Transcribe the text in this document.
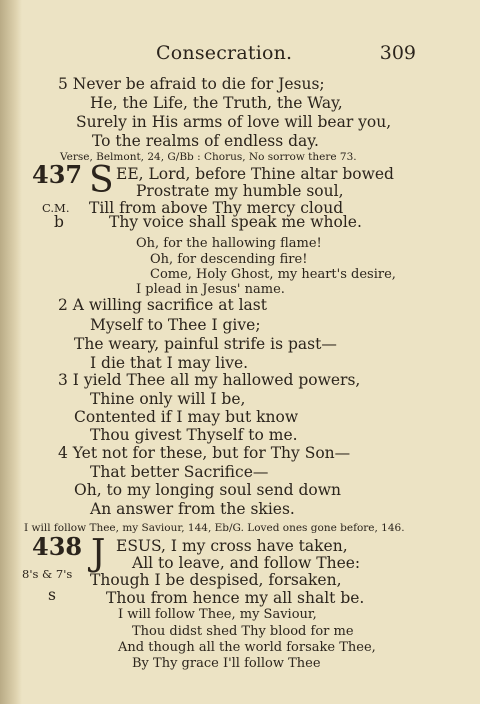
Consecration.	309
5 Never be afraid to die for Jesus;
He, the Life, the Truth, the Way,
Surely in His arms of love will bear you,
To the realms of endless day.
Verse, Belmont, 24, G/Bb : Chorus, No sorrow there 73.
437 S EE, Lord, before Thine altar bowed
Prostrate my humble soul,
C.M. Till from above Thy mercy cloud
b	Thy voice shall speak me whole.
Oh, for the hallowing flame!
Oh, for descending fire!
Come, Holy Ghost, my heart's desire,
I plead in Jesus' name.
2 A willing sacrifice at last
Myself to Thee I give;
The weary, painful strife is past—
I die that I may live.
3 I yield Thee all my hallowed powers,
Thine only will I be,
Contented if I may but know
Thou givest Thyself to me.
4 Yet not for these, but for Thy Son—
That better Sacrifice—
Oh, to my longing soul send down
An answer from the skies.
I will follow Thee, my Saviour, 144, Eb/G. Loved ones gone before, 146.
438 J ESUS, I my cross have taken,
All to leave, and follow Thee:
8's & 7's Though I be despised, forsaken,
s	Thou from hence my all shalt be.
I will follow Thee, my Saviour,
Thou didst shed Thy blood for me
And though all the world forsake Thee,
By Thy grace I'll follow Thee
